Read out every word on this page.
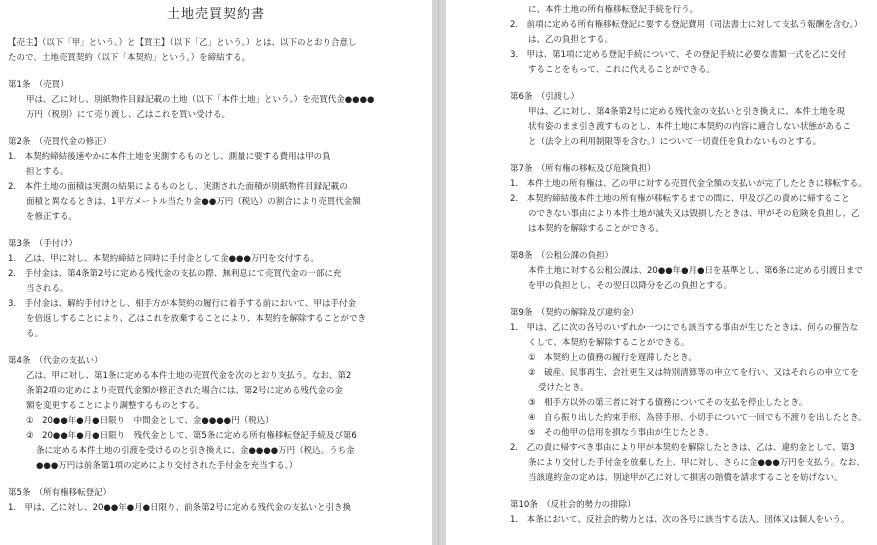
土地売買契約書
【売主】（以下「甲」という。）と【買主】（以下「乙」という。）とは、以下のとおり合意し
たので、土地売買契約（以下「本契約」という。）を締結する。
第1条　（売買）
甲は、乙に対し、別紙物件目録記載の土地（以下「本件土地」という。）を売買代金●●●●
万円（税別）にて売り渡し、乙はこれを買い受ける。
第2条　（売買代金の修正）
1.　本契約締結後速やかに本件土地を実測するものとし、測量に要する費用は甲の負
担とする。
2.　本件土地の面積は実測の結果によるものとし、実測された面積が別紙物件目録記載の
面積と異なるときは、1平方メートル当たり金●●万円（税込）の割合により売買代金額
を修正する。
第3条　（手付け）
1.　乙は、甲に対し、本契約締結と同時に手付金として金●●●万円を交付する。
2.　手付金は、第4条第2号に定める残代金の支払の際、無利息にて売買代金の一部に充
当される。
3.　手付金は、解約手付けとし、相手方が本契約の履行に着手する前において、甲は手付金
を倍返しすることにより、乙はこれを放棄することにより、本契約を解除することができ
る。
第4条　（代金の支払い）
乙は、甲に対し、第1条に定める本件土地の売買代金を次のとおり支払う。なお、第2
条第2項の定めにより売買代金額が修正された場合には、第2号に定める残代金の金
額を変更することにより調整するものとする。
①　20●●年●月●日限り　中間金として、金●●●●円（税込）
②　20●●年●月●日限り　残代金として、第5条に定める所有権移転登記手続及び第6
条に定める本件土地の引渡を受けるのと引き換えに、金●●●●万円（税込。うち金
●●●万円は前条第1項の定めにより交付された手付金を充当する。）
第5条　（所有権移転登記）
1.　甲は、乙に対し、20●●年●月●日限り、前条第2号に定める残代金の支払いと引き換
に、本件土地の所有権移転登記手続を行う。
2.　前項に定める所有権移転登記に要する登記費用（司法書士に対して支払う報酬を含む。）
は、乙の負担とする。
3.　甲は、第1項に定める登記手続について、その登記手続に必要な書類一式を乙に交付
することをもって、これに代えることができる。
第6条　（引渡し）
甲は、乙に対し、第4条第2号に定める残代金の支払いと引き換えに、本件土地を現
状有姿のまま引き渡すものとし、本件土地に本契約の内容に適合しない状態があるこ
と（法令上の利用制限等を含む。）について一切責任を負わないものとする。
第7条　（所有権の移転及び危険負担）
1.　本件土地の所有権は、乙の甲に対する売買代金全額の支払いが完了したときに移転する。
2.　本契約締結後本件土地の所有権が移転するまでの間に、甲及び乙の責めに帰すること
のできない事由により本件土地が滅失又は毀損したときは、甲がその危険を負担し、乙
は本契約を解除することができる。
第8条　（公租公課の負担）
本件土地に対する公租公課は、20●●年●月●日を基準とし、第6条に定める引渡日まで
を甲の負担とし、その翌日以降分を乙の負担とする。
第9条　（契約の解除及び違約金）
1.　甲は、乙に次の各号のいずれか一つにでも該当する事由が生じたときは、何らの催告な
くして、本契約を解除することができる。
①　本契約上の債務の履行を遅滞したとき。
②　破産、民事再生、会社更生又は特別清算等の申立てを行い、又はそれらの申立てを
受けたとき。
③　相手方以外の第三者に対する債務についてその支払を停止したとき。
④　自ら振り出した約束手形、為替手形、小切手について一回でも不渡りを出したとき。
⑤　その他甲の信用を損なう事由が生じたとき。
2.　乙の責に帰すべき事由により甲が本契約を解除したときは、乙は、違約金として、第3
条により交付した手付金を放棄した上、甲に対し、さらに金●●●万円を支払う。なお、
当該違約金の定めは、別途甲が乙に対して損害の賠償を請求することを妨げない。
第10条　（反社会的勢力の排除）
1.　本条において、反社会的勢力とは、次の各号に該当する法人、団体又は個人をいう。
